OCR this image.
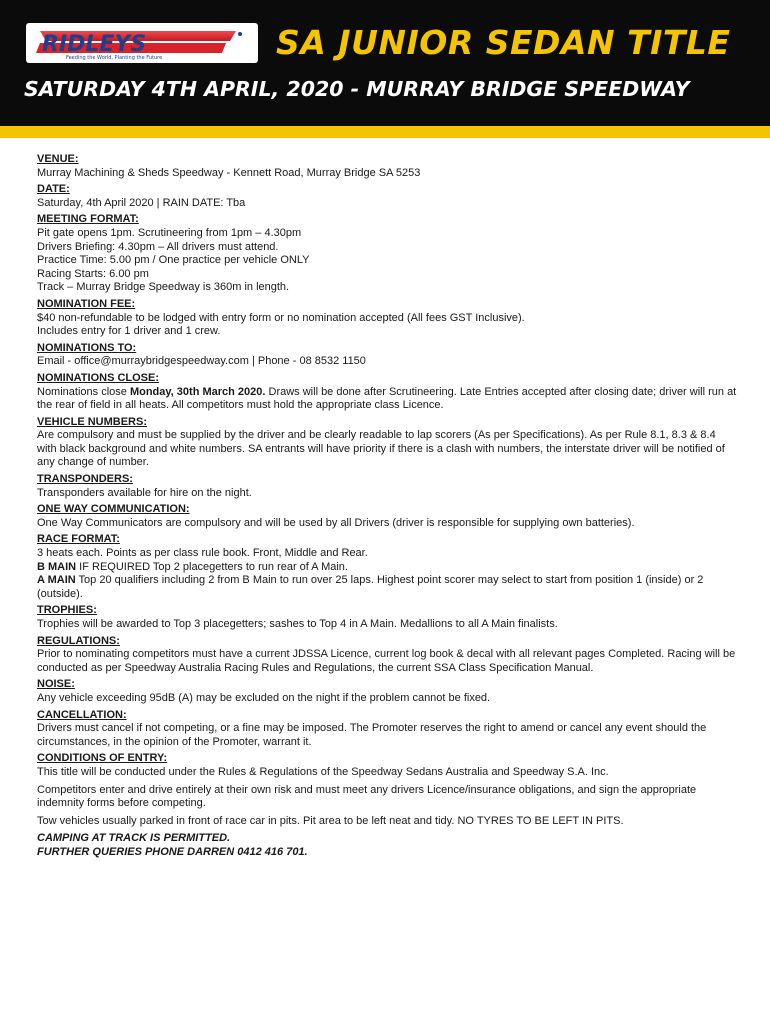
RIDLEYS
Feeding the World, Planting the Future	SA JUNIOR SEDAN TITLE
SATURDAY 4TH APRIL, 2020 - MURRAY BRIDGE SPEEDWAY
VENUE:
Murray Machining & Sheds Speedway - Kennett Road, Murray Bridge SA 5253
DATE:
Saturday, 4th April 2020 | RAIN DATE: Tba
MEETING FORMAT:
Pit gate opens 1pm. Scrutineering from 1pm – 4.30pm
Drivers Briefing: 4.30pm – All drivers must attend.
Practice Time: 5.00 pm / One practice per vehicle ONLY
Racing Starts: 6.00 pm
Track – Murray Bridge Speedway is 360m in length.
NOMINATION FEE:
$40 non-refundable to be lodged with entry form or no nomination accepted (All fees GST Inclusive).
Includes entry for 1 driver and 1 crew.
NOMINATIONS TO:
Email - office@murraybridgespeedway.com | Phone - 08 8532 1150
NOMINATIONS CLOSE:
Nominations close Monday, 30th March 2020. Draws will be done after Scrutineering. Late Entries accepted after closing date; driver will run at the rear of field in all heats. All competitors must hold the appropriate class Licence.
VEHICLE NUMBERS:
Are compulsory and must be supplied by the driver and be clearly readable to lap scorers (As per Specifications). As per Rule 8.1, 8.3 & 8.4 with black background and white numbers. SA entrants will have priority if there is a clash with numbers, the interstate driver will be notified of any change of number.
TRANSPONDERS:
Transponders available for hire on the night.
ONE WAY COMMUNICATION:
One Way Communicators are compulsory and will be used by all Drivers (driver is responsible for supplying own batteries).
RACE FORMAT:
3 heats each. Points as per class rule book. Front, Middle and Rear.
B MAIN IF REQUIRED Top 2 placegetters to run rear of A Main.
A MAIN Top 20 qualifiers including 2 from B Main to run over 25 laps. Highest point scorer may select to start from position 1 (inside) or 2 (outside).
TROPHIES:
Trophies will be awarded to Top 3 placegetters; sashes to Top 4 in A Main. Medallions to all A Main finalists.
REGULATIONS:
Prior to nominating competitors must have a current JDSSA Licence, current log book & decal with all relevant pages Completed. Racing will be conducted as per Speedway Australia Racing Rules and Regulations, the current SSA Class Specification Manual.
NOISE:
Any vehicle exceeding 95dB (A) may be excluded on the night if the problem cannot be fixed.
CANCELLATION:
Drivers must cancel if not competing, or a fine may be imposed. The Promoter reserves the right to amend or cancel any event should the circumstances, in the opinion of the Promoter, warrant it.
CONDITIONS OF ENTRY:
This title will be conducted under the Rules & Regulations of the Speedway Sedans Australia and Speedway S.A. Inc.
Competitors enter and drive entirely at their own risk and must meet any drivers Licence/insurance obligations, and sign the appropriate indemnity forms before competing.
Tow vehicles usually parked in front of race car in pits. Pit area to be left neat and tidy. NO TYRES TO BE LEFT IN PITS.
CAMPING AT TRACK IS PERMITTED.
FURTHER QUERIES PHONE DARREN 0412 416 701.
